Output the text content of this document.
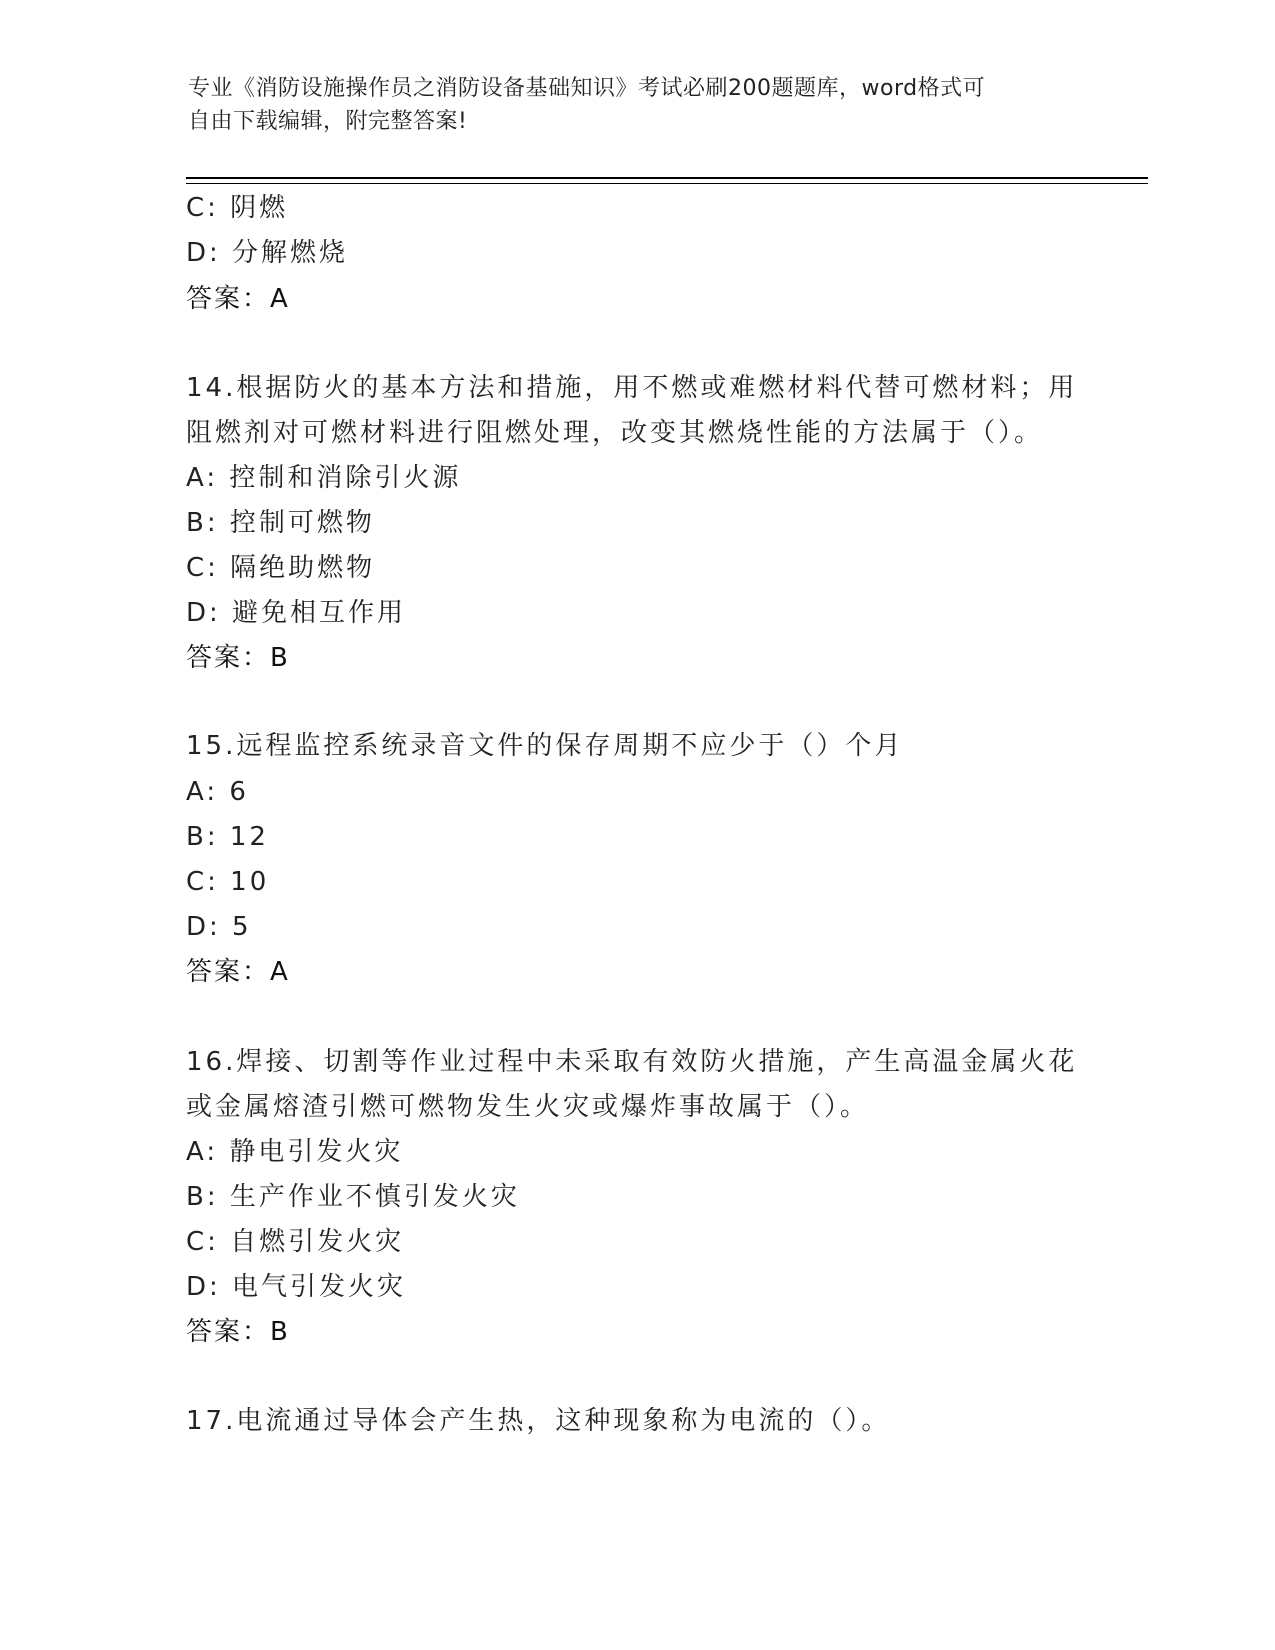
专业《消防设施操作员之消防设备基础知识》考试必刷200题题库，word格式可
自由下载编辑，附完整答案!
C: 阴燃
D: 分解燃烧
答案：A
14.根据防火的基本方法和措施，用不燃或难燃材料代替可燃材料；用
阻燃剂对可燃材料进行阻燃处理，改变其燃烧性能的方法属于（）。
A: 控制和消除引火源
B: 控制可燃物
C: 隔绝助燃物
D: 避免相互作用
答案：B
15.远程监控系统录音文件的保存周期不应少于（）个月
A: 6
B: 12
C: 10
D: 5
答案：A
16.焊接、切割等作业过程中未采取有效防火措施，产生高温金属火花
或金属熔渣引燃可燃物发生火灾或爆炸事故属于（）。
A: 静电引发火灾
B: 生产作业不慎引发火灾
C: 自燃引发火灾
D: 电气引发火灾
答案：B
17.电流通过导体会产生热，这种现象称为电流的（）。
